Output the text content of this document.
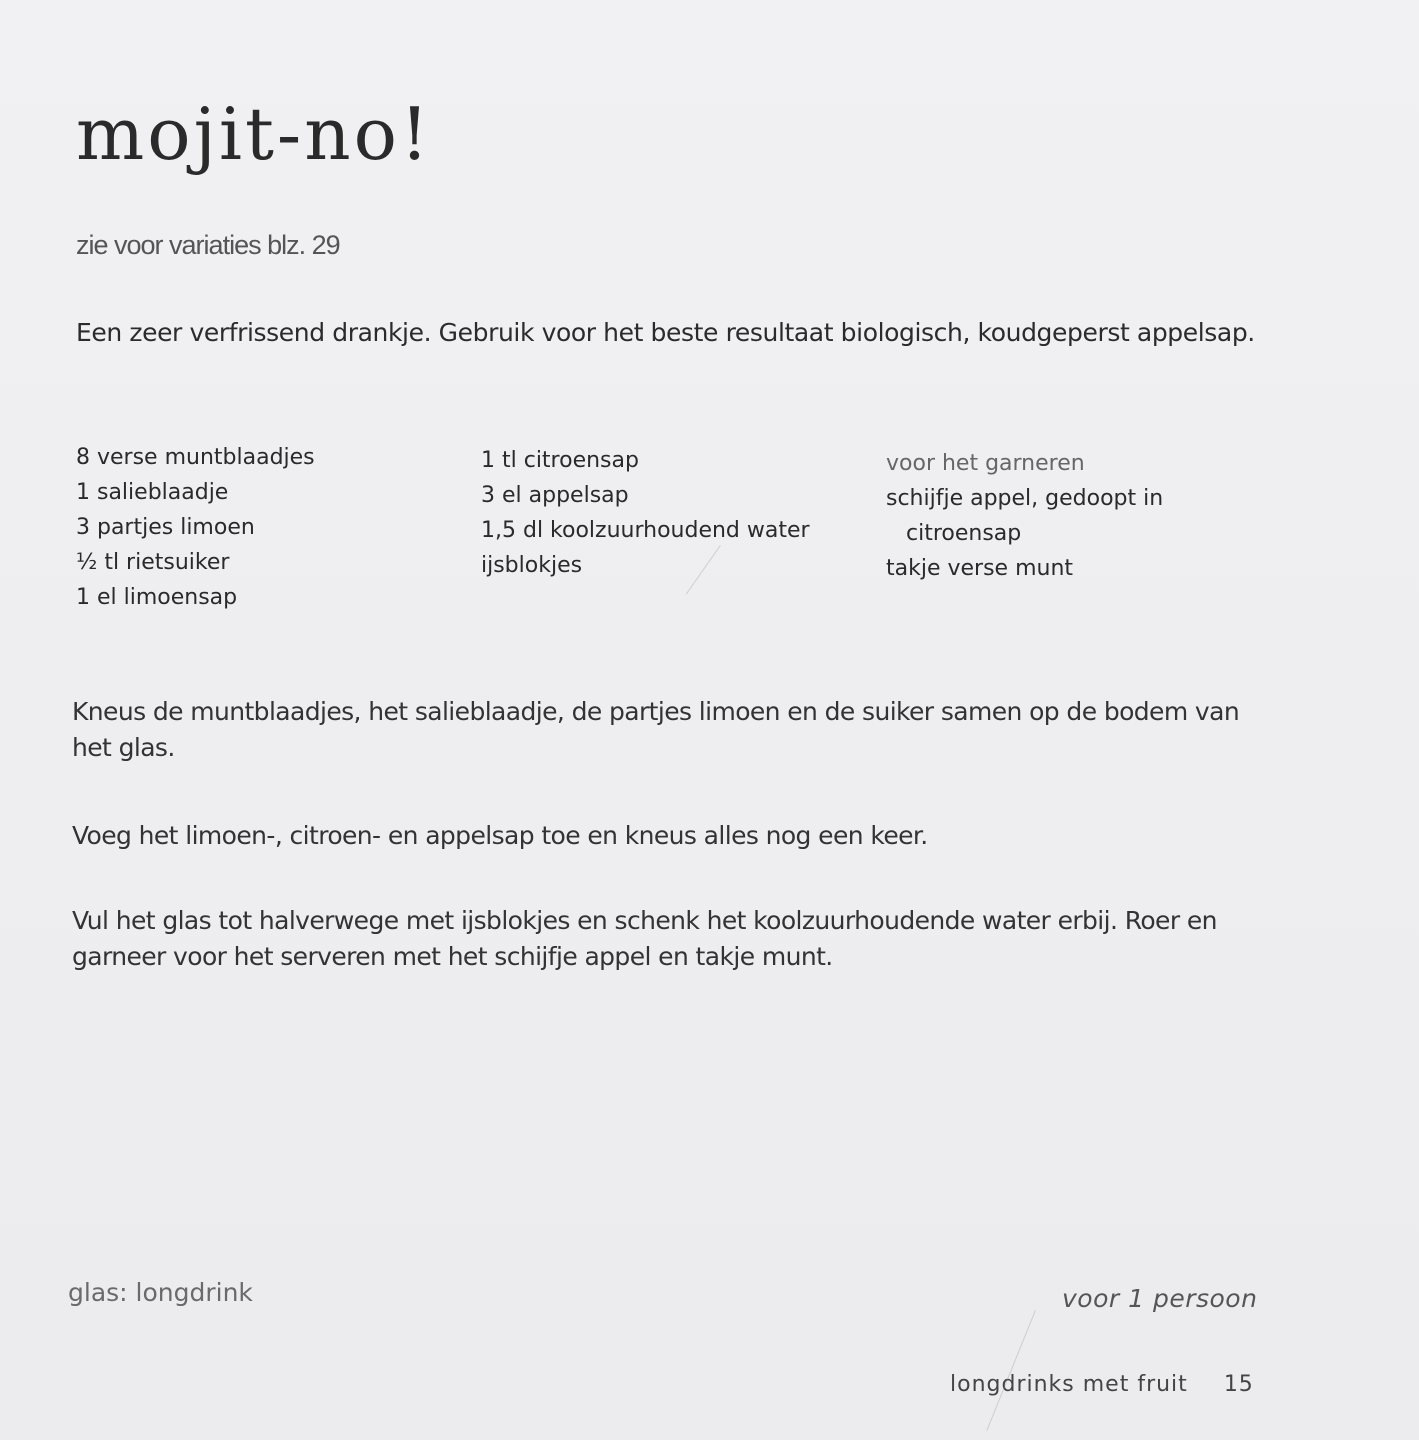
mojit-no!
zie voor variaties blz. 29

Een zeer verfrissend drankje. Gebruik voor het beste resultaat biologisch, koudgeperst appelsap.

8 verse muntblaadjes
1 salieblaadje
3 partjes limoen
½ tl rietsuiker
1 el limoensap
1 tl citroensap
3 el appelsap
1,5 dl koolzuurhoudend water
ijsblokjes
voor het garneren
schijfje appel, gedoopt in
citroensap
takje verse munt

Kneus de muntblaadjes, het salieblaadje, de partjes limoen en de suiker samen op de bodem van het glas.

Voeg het limoen-, citroen- en appelsap toe en kneus alles nog een keer.

Vul het glas tot halverwege met ijsblokjes en schenk het koolzuurhoudende water erbij. Roer en garneer voor het serveren met het schijfje appel en takje munt.

glas: longdrink	voor 1 persoon
longdrinks met fruit 15
